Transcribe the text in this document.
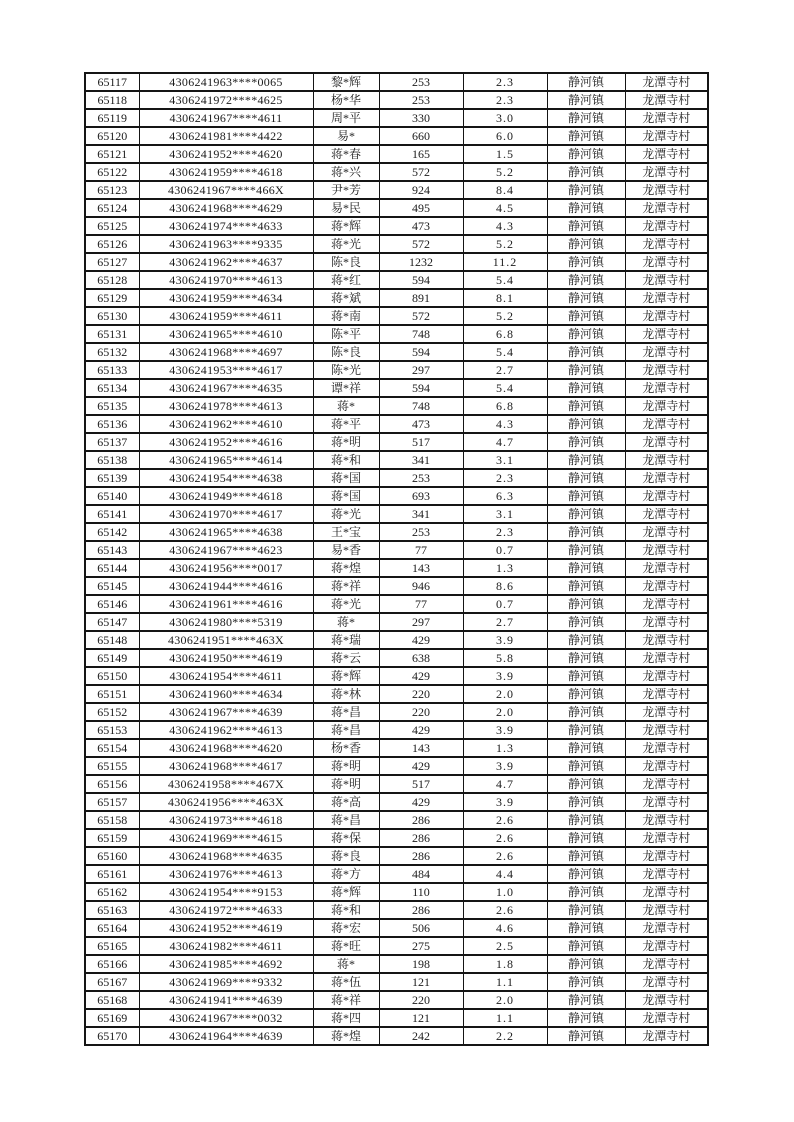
65117	4306241963****0065	黎*辉	253	2.3	静河镇	龙潭寺村
65118	4306241972****4625	杨*华	253	2.3	静河镇	龙潭寺村
65119	4306241967****4611	周*平	330	3.0	静河镇	龙潭寺村
65120	4306241981****4422	易*	660	6.0	静河镇	龙潭寺村
65121	4306241952****4620	蒋*春	165	1.5	静河镇	龙潭寺村
65122	4306241959****4618	蒋*兴	572	5.2	静河镇	龙潭寺村
65123	4306241967****466X	尹*芳	924	8.4	静河镇	龙潭寺村
65124	4306241968****4629	易*民	495	4.5	静河镇	龙潭寺村
65125	4306241974****4633	蒋*辉	473	4.3	静河镇	龙潭寺村
65126	4306241963****9335	蒋*光	572	5.2	静河镇	龙潭寺村
65127	4306241962****4637	陈*良	1232	11.2	静河镇	龙潭寺村
65128	4306241970****4613	蒋*红	594	5.4	静河镇	龙潭寺村
65129	4306241959****4634	蒋*斌	891	8.1	静河镇	龙潭寺村
65130	4306241959****4611	蒋*南	572	5.2	静河镇	龙潭寺村
65131	4306241965****4610	陈*平	748	6.8	静河镇	龙潭寺村
65132	4306241968****4697	陈*良	594	5.4	静河镇	龙潭寺村
65133	4306241953****4617	陈*光	297	2.7	静河镇	龙潭寺村
65134	4306241967****4635	谭*祥	594	5.4	静河镇	龙潭寺村
65135	4306241978****4613	蒋*	748	6.8	静河镇	龙潭寺村
65136	4306241962****4610	蒋*平	473	4.3	静河镇	龙潭寺村
65137	4306241952****4616	蒋*明	517	4.7	静河镇	龙潭寺村
65138	4306241965****4614	蒋*和	341	3.1	静河镇	龙潭寺村
65139	4306241954****4638	蒋*国	253	2.3	静河镇	龙潭寺村
65140	4306241949****4618	蒋*国	693	6.3	静河镇	龙潭寺村
65141	4306241970****4617	蒋*光	341	3.1	静河镇	龙潭寺村
65142	4306241965****4638	王*宝	253	2.3	静河镇	龙潭寺村
65143	4306241967****4623	易*香	77	0.7	静河镇	龙潭寺村
65144	4306241956****0017	蒋*煌	143	1.3	静河镇	龙潭寺村
65145	4306241944****4616	蒋*祥	946	8.6	静河镇	龙潭寺村
65146	4306241961****4616	蒋*光	77	0.7	静河镇	龙潭寺村
65147	4306241980****5319	蒋*	297	2.7	静河镇	龙潭寺村
65148	4306241951****463X	蒋*瑞	429	3.9	静河镇	龙潭寺村
65149	4306241950****4619	蒋*云	638	5.8	静河镇	龙潭寺村
65150	4306241954****4611	蒋*辉	429	3.9	静河镇	龙潭寺村
65151	4306241960****4634	蒋*林	220	2.0	静河镇	龙潭寺村
65152	4306241967****4639	蒋*昌	220	2.0	静河镇	龙潭寺村
65153	4306241962****4613	蒋*昌	429	3.9	静河镇	龙潭寺村
65154	4306241968****4620	杨*香	143	1.3	静河镇	龙潭寺村
65155	4306241968****4617	蒋*明	429	3.9	静河镇	龙潭寺村
65156	4306241958****467X	蒋*明	517	4.7	静河镇	龙潭寺村
65157	4306241956****463X	蒋*高	429	3.9	静河镇	龙潭寺村
65158	4306241973****4618	蒋*昌	286	2.6	静河镇	龙潭寺村
65159	4306241969****4615	蒋*保	286	2.6	静河镇	龙潭寺村
65160	4306241968****4635	蒋*良	286	2.6	静河镇	龙潭寺村
65161	4306241976****4613	蒋*方	484	4.4	静河镇	龙潭寺村
65162	4306241954****9153	蒋*辉	110	1.0	静河镇	龙潭寺村
65163	4306241972****4633	蒋*和	286	2.6	静河镇	龙潭寺村
65164	4306241952****4619	蒋*宏	506	4.6	静河镇	龙潭寺村
65165	4306241982****4611	蒋*旺	275	2.5	静河镇	龙潭寺村
65166	4306241985****4692	蒋*	198	1.8	静河镇	龙潭寺村
65167	4306241969****9332	蒋*伍	121	1.1	静河镇	龙潭寺村
65168	4306241941****4639	蒋*祥	220	2.0	静河镇	龙潭寺村
65169	4306241967****0032	蒋*四	121	1.1	静河镇	龙潭寺村
65170	4306241964****4639	蒋*煌	242	2.2	静河镇	龙潭寺村
